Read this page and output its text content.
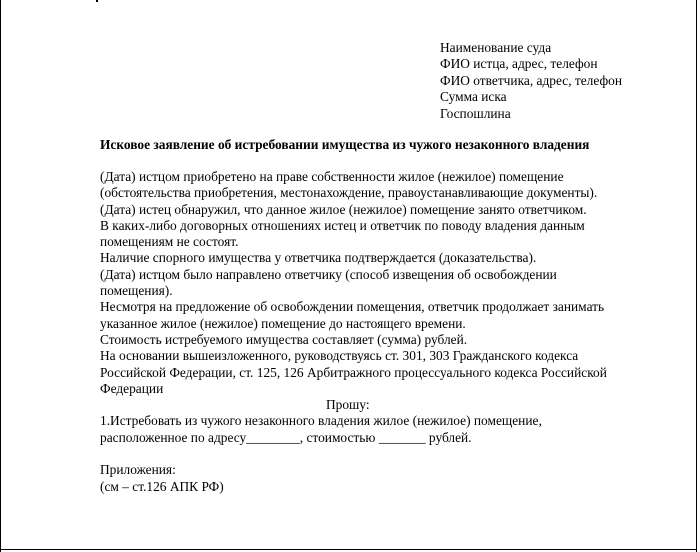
Наименование суда
ФИО истца, адрес, телефон
ФИО ответчика, адрес, телефон
Сумма иска
Госпошлина
Исковое заявление об истребовании имущества из чужого незаконного владения
(Дата) истцом приобретено на праве собственности жилое (нежилое) помещение
(обстоятельства приобретения, местонахождение, правоустанавливающие документы).
(Дата) истец обнаружил, что данное жилое (нежилое) помещение занято ответчиком.
В каких-либо договорных отношениях истец и ответчик по поводу владения данным
помещениям не состоят.
Наличие спорного имущества у ответчика подтверждается (доказательства).
(Дата) истцом было направлено ответчику (способ извещения об освобождении
помещения).
Несмотря на предложение об освобождении помещения, ответчик продолжает занимать
указанное жилое (нежилое) помещение до настоящего времени.
Стоимость истребуемого имущества составляет (сумма) рублей.
На основании вышеизложенного, руководствуясь ст. 301, 303 Гражданского кодекса
Российской Федерации, ст. 125, 126 Арбитражного процессуального кодекса Российской
Федерации
Прошу:
1.Истребовать из чужого незаконного владения жилое (нежилое) помещение,
расположенное по адресу________, стоимостью _______ рублей.
Приложения:
(см – ст.126 АПК РФ)
